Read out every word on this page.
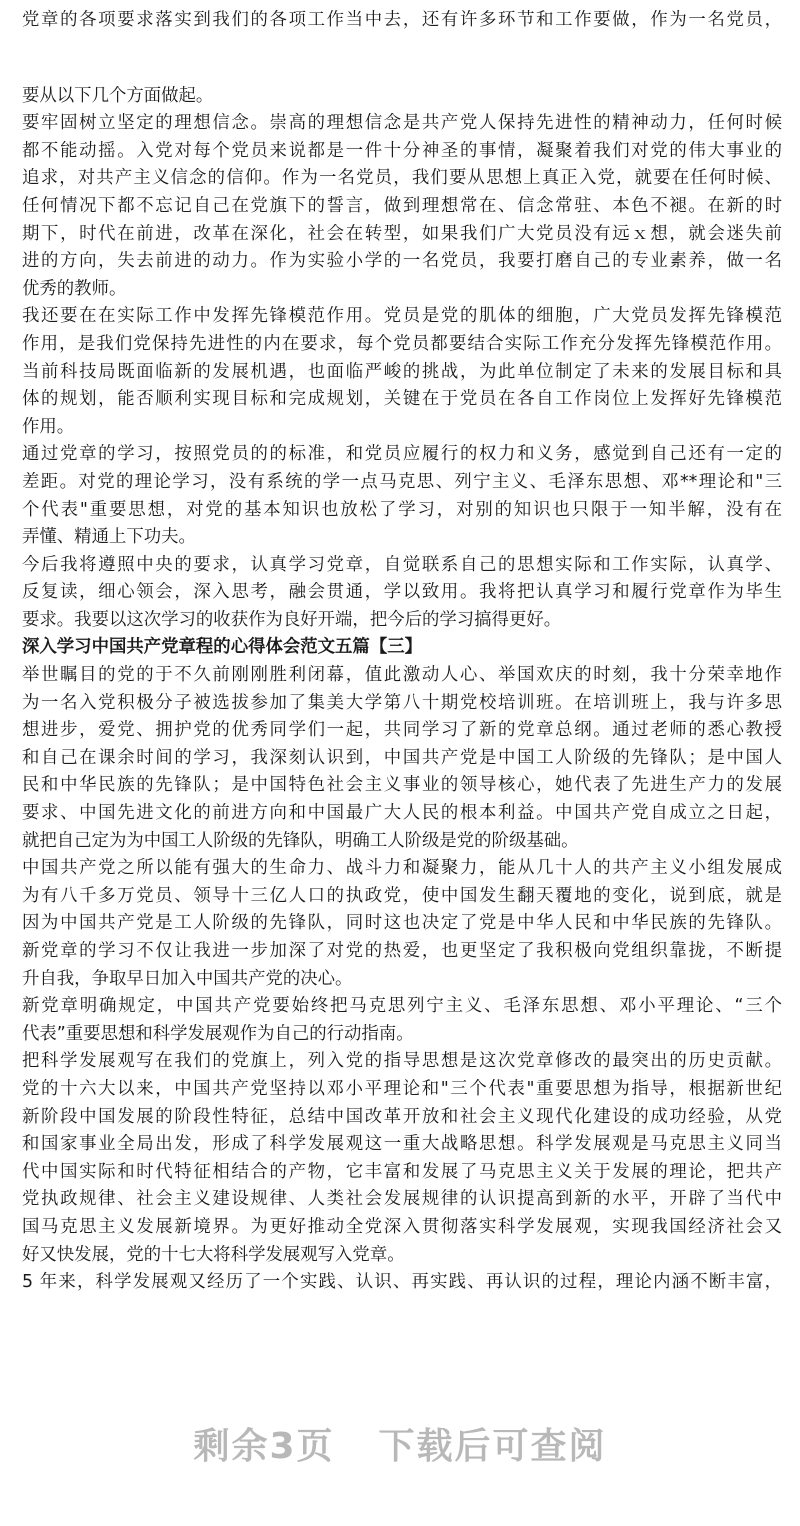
党章的各项要求落实到我们的各项工作当中去，还有许多环节和工作要做，作为一名党员，
要从以下几个方面做起。
要牢固树立坚定的理想信念。崇高的理想信念是共产党人保持先进性的精神动力，任何时候
都不能动摇。入党对每个党员来说都是一件十分神圣的事情，凝聚着我们对党的伟大事业的
追求，对共产主义信念的信仰。作为一名党员，我们要从思想上真正入党，就要在任何时候、
任何情况下都不忘记自己在党旗下的誓言，做到理想常在、信念常驻、本色不褪。在新的时
期下，时代在前进，改革在深化，社会在转型，如果我们广大党员没有远ｘ想，就会迷失前
进的方向，失去前进的动力。作为实验小学的一名党员，我要打磨自己的专业素养，做一名
优秀的教师。
我还要在在实际工作中发挥先锋模范作用。党员是党的肌体的细胞，广大党员发挥先锋模范
作用，是我们党保持先进性的内在要求，每个党员都要结合实际工作充分发挥先锋模范作用。
当前科技局既面临新的发展机遇，也面临严峻的挑战，为此单位制定了未来的发展目标和具
体的规划，能否顺利实现目标和完成规划，关键在于党员在各自工作岗位上发挥好先锋模范
作用。
通过党章的学习，按照党员的的标准，和党员应履行的权力和义务，感觉到自己还有一定的
差距。对党的理论学习，没有系统的学一点马克思、列宁主义、毛泽东思想、邓**理论和"三
个代表"重要思想，对党的基本知识也放松了学习，对别的知识也只限于一知半解，没有在
弄懂、精通上下功夫。
今后我将遵照中央的要求，认真学习党章，自觉联系自己的思想实际和工作实际，认真学、
反复读，细心领会，深入思考，融会贯通，学以致用。我将把认真学习和履行党章作为毕生
要求。我要以这次学习的收获作为良好开端，把今后的学习搞得更好。
深入学习中国共产党章程的心得体会范文五篇【三】
举世瞩目的党的于不久前刚刚胜利闭幕，值此激动人心、举国欢庆的时刻，我十分荣幸地作
为一名入党积极分子被选拔参加了集美大学第八十期党校培训班。在培训班上，我与许多思
想进步，爱党、拥护党的优秀同学们一起，共同学习了新的党章总纲。通过老师的悉心教授
和自己在课余时间的学习，我深刻认识到，中国共产党是中国工人阶级的先锋队；是中国人
民和中华民族的先锋队；是中国特色社会主义事业的领导核心，她代表了先进生产力的发展
要求、中国先进文化的前进方向和中国最广大人民的根本利益。中国共产党自成立之日起，
就把自己定为为中国工人阶级的先锋队，明确工人阶级是党的阶级基础。
中国共产党之所以能有强大的生命力、战斗力和凝聚力，能从几十人的共产主义小组发展成
为有八千多万党员、领导十三亿人口的执政党，使中国发生翻天覆地的变化，说到底，就是
因为中国共产党是工人阶级的先锋队，同时这也决定了党是中华人民和中华民族的先锋队。
新党章的学习不仅让我进一步加深了对党的热爱，也更坚定了我积极向党组织靠拢，不断提
升自我，争取早日加入中国共产党的决心。
新党章明确规定，中国共产党要始终把马克思列宁主义、毛泽东思想、邓小平理论、“三个
代表”重要思想和科学发展观作为自己的行动指南。
把科学发展观写在我们的党旗上，列入党的指导思想是这次党章修改的最突出的历史贡献。
党的十六大以来，中国共产党坚持以邓小平理论和"三个代表"重要思想为指导，根据新世纪
新阶段中国发展的阶段性特征，总结中国改革开放和社会主义现代化建设的成功经验，从党
和国家事业全局出发，形成了科学发展观这一重大战略思想。科学发展观是马克思主义同当
代中国实际和时代特征相结合的产物，它丰富和发展了马克思主义关于发展的理论，把共产
党执政规律、社会主义建设规律、人类社会发展规律的认识提高到新的水平，开辟了当代中
国马克思主义发展新境界。为更好推动全党深入贯彻落实科学发展观，实现我国经济社会又
好又快发展，党的十七大将科学发展观写入党章。
5 年来，科学发展观又经历了一个实践、认识、再实践、再认识的过程，理论内涵不断丰富，
剩余3页 下载后可查阅
